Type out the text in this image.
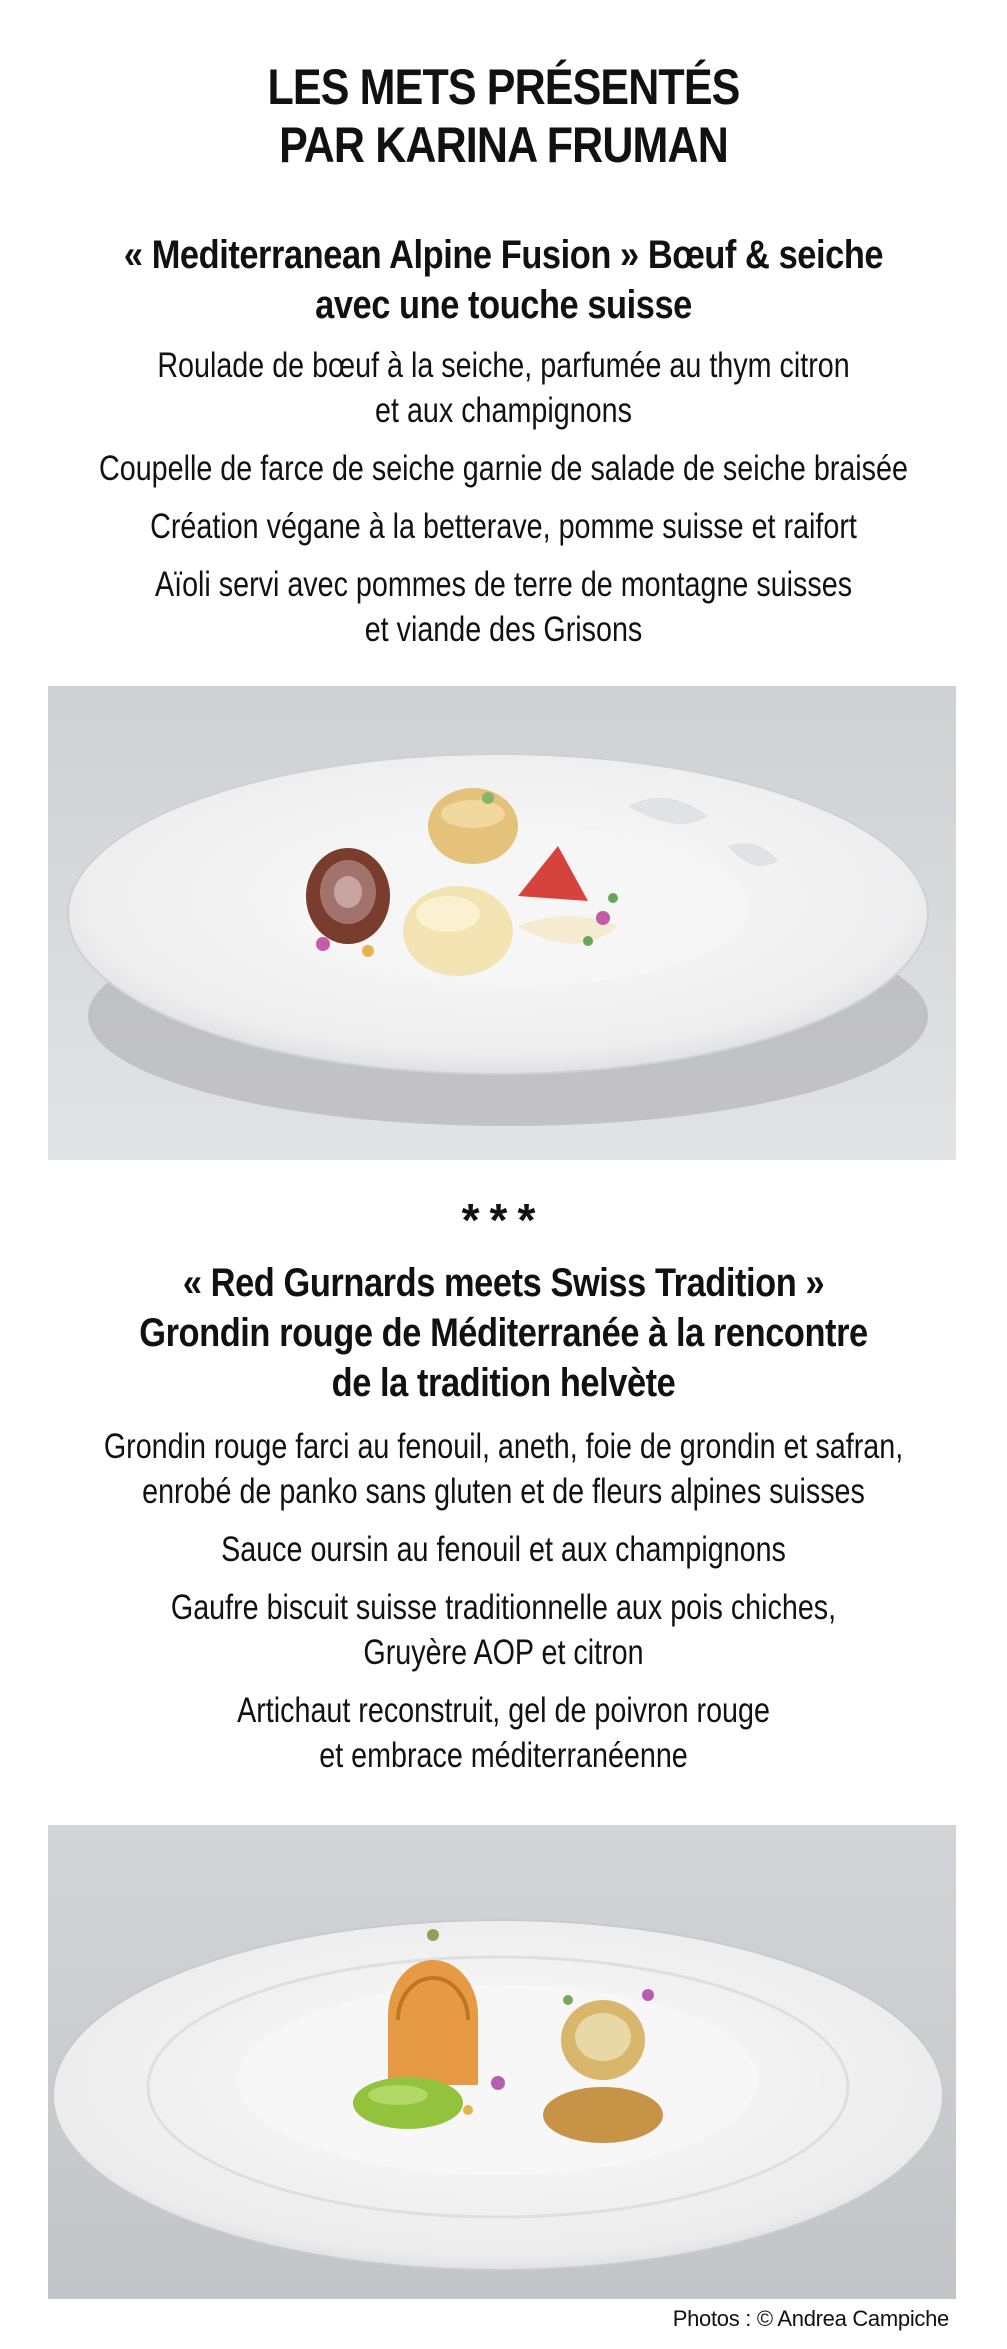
LES METS PRÉSENTÉS
PAR KARINA FRUMAN
« Mediterranean Alpine Fusion » Bœuf & seiche
avec une touche suisse
Roulade de bœuf à la seiche, parfumée au thym citron
et aux champignons
Coupelle de farce de seiche garnie de salade de seiche braisée
Création végane à la betterave, pomme suisse et raifort
Aïoli servi avec pommes de terre de montagne suisses
et viande des Grisons
***
« Red Gurnards meets Swiss Tradition »
Grondin rouge de Méditerranée à la rencontre
de la tradition helvète
Grondin rouge farci au fenouil, aneth, foie de grondin et safran,
enrobé de panko sans gluten et de fleurs alpines suisses
Sauce oursin au fenouil et aux champignons
Gaufre biscuit suisse traditionnelle aux pois chiches,
Gruyère AOP et citron
Artichaut reconstruit, gel de poivron rouge
et embrace méditerranéenne
Photos : © Andrea Campiche
